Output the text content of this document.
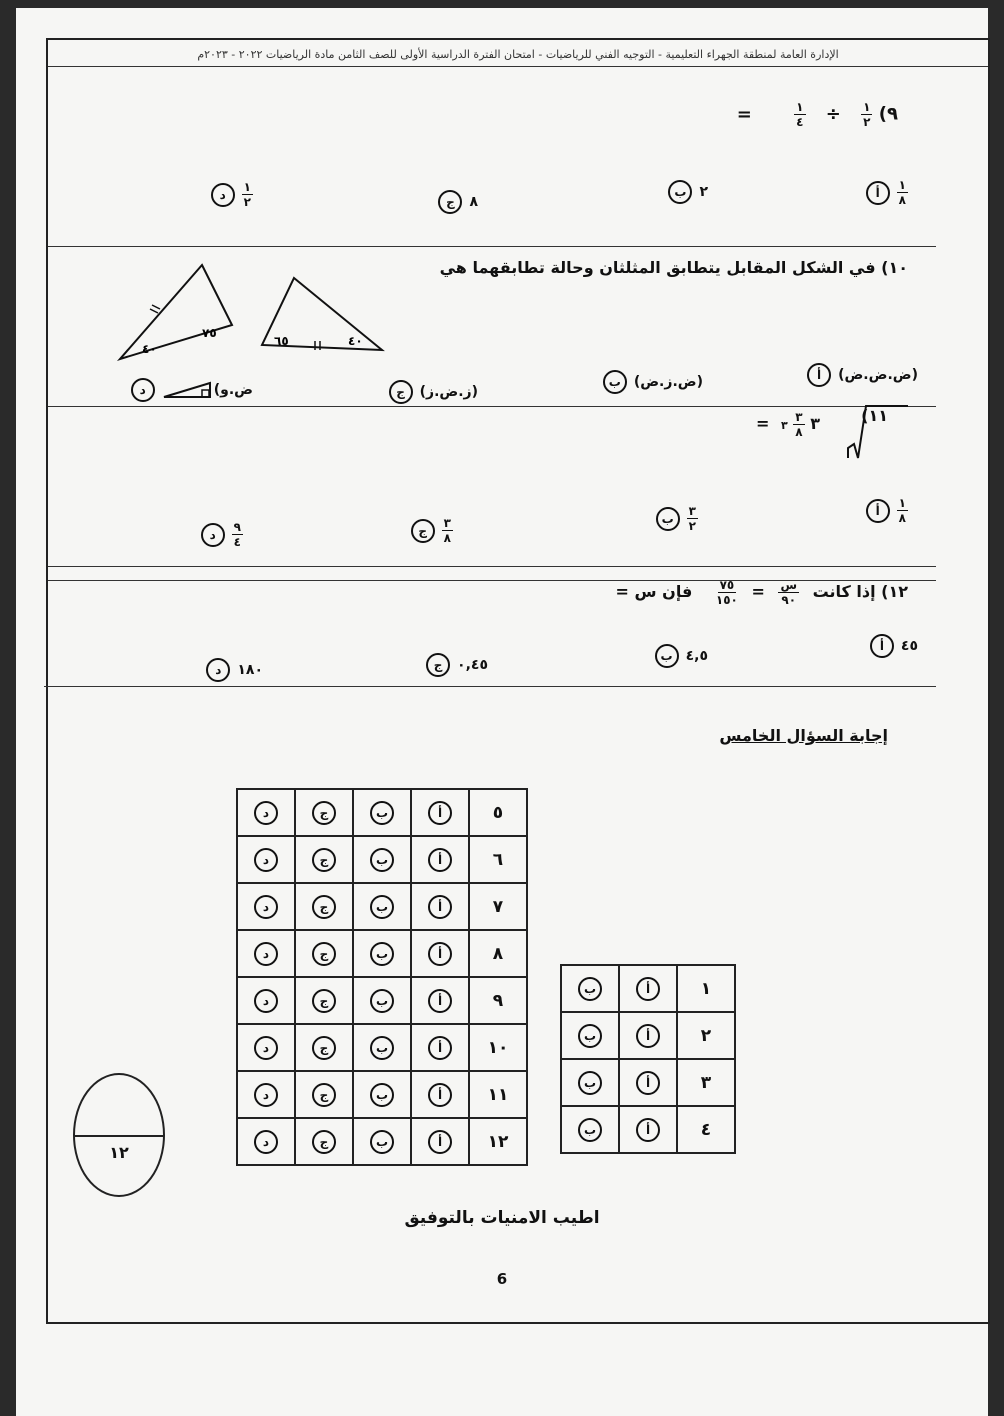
الإدارة العامة لمنطقة الجهراء التعليمية - التوجيه الفني للرياضيات - امتحان الفترة الدراسية الأولى للصف الثامن مادة الرياضيات ٢٠٢٢ - ٢٠٢٣م
٩)
$\frac{١}{٢}$
÷
$\frac{١}{٤}$
=
أ	$\frac{١}{٨}$
ب ٢
ج	٨
د	$\frac{١}{٢}$
١٠) في الشكل المقابل يتطابق المثلثان وحالة تطابقهما هي
٧٥
٤٠
٦٥	٤٠
أ	(ض.ض.ض)
ب (ض.ز.ض)
ج	(ز.ض.ز)
د	ض.و)
١١)
=	٣
$\frac{٣}{٨}$
٣
أ	$\frac{١}{٨}$
ب	$\frac{٣}{٢}$
ج	$\frac{٣}{٨}$
د	$\frac{٩}{٤}$
١٢) إذا كانت
$\frac{\text{س}}{٩٠}$
=
$\frac{٧٥}{١٥٠}$
فإن س =
أ	٤٥
ب ٤,٥
ج	٠,٤٥
د	١٨٠
إجابة السؤال الخامس
د	ج	ب	أ	٥
د	ج	ب	أ	٦
د	ج	ب	أ	٧
د	ج	ب	أ	٨
د	ج	ب	أ	٩
د	ج	ب	أ	١٠
د	ج	ب	أ	١١
د	ج	ب	أ	١٢
ب	أ	١
ب	أ	٢
ب	أ	٣
ب	أ	٤
١٢
اطيب الامنيات بالتوفيق
6
